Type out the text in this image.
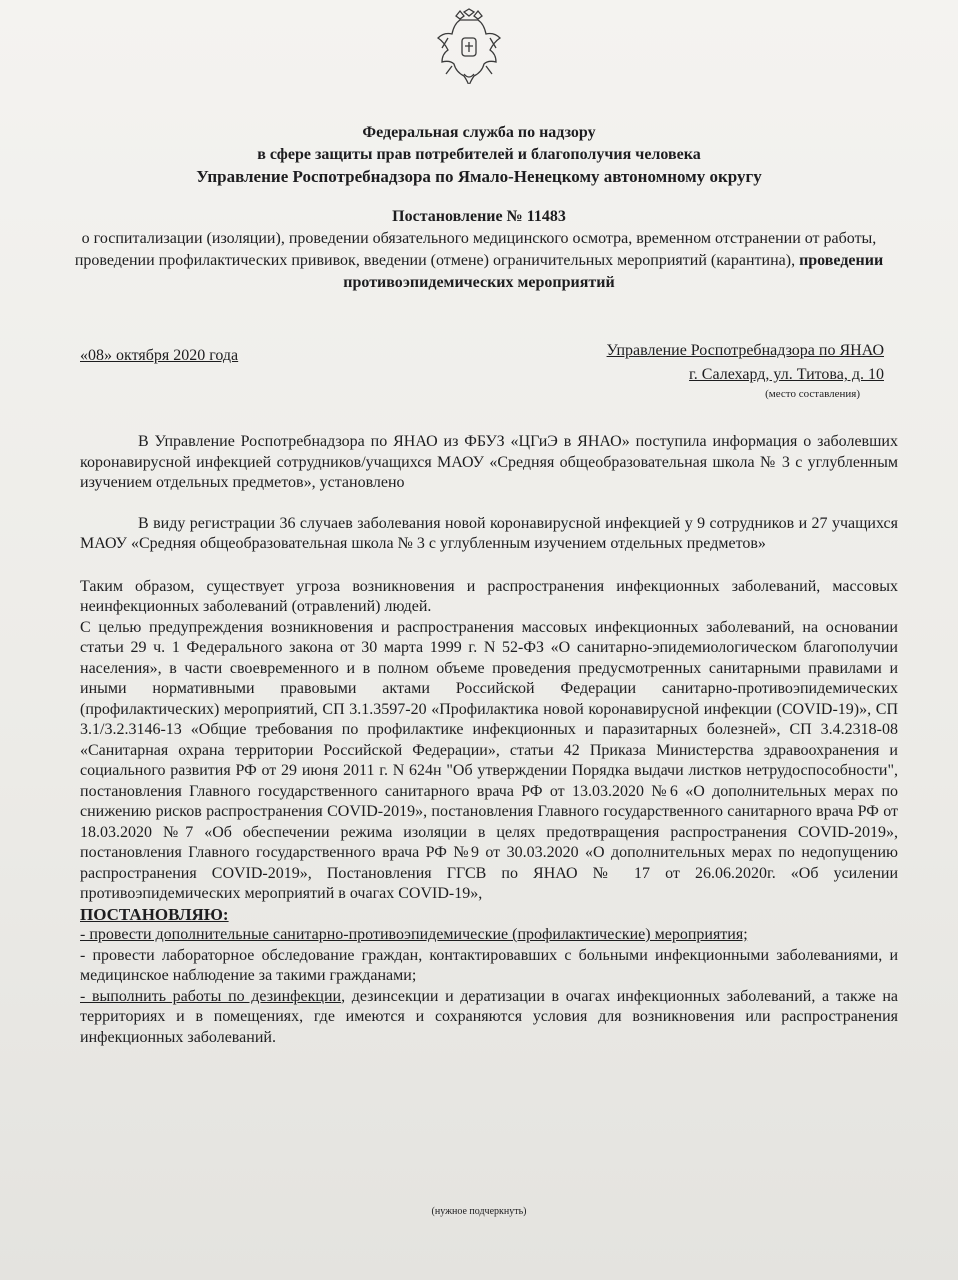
Федеральная служба по надзору
в сфере защиты прав потребителей и благополучия человека
Управление Роспотребнадзора по Ямало-Ненецкому автономному округу
Постановление № 11483
о госпитализации (изоляции), проведении обязательного медицинского осмотра, временном отстранении от работы, проведении профилактических прививок, введении (отмене) ограничительных мероприятий (карантина), проведении противоэпидемических мероприятий
«08» октября 2020 года	Управление Роспотребнадзора по ЯНАО
г. Салехард, ул. Титова, д. 10
(место составления)

В Управление Роспотребнадзора по ЯНАО из ФБУЗ «ЦГиЭ в ЯНАО» поступила информация о заболевших коронавирусной инфекцией сотрудников/учащихся МАОУ «Средняя общеобразовательная школа № 3 с углубленным изучением отдельных предметов», установлено

В виду регистрации 36 случаев заболевания новой коронавирусной инфекцией у 9 сотрудников и 27 учащихся МАОУ «Средняя общеобразовательная школа № 3 с углубленным изучением отдельных предметов»

Таким образом, существует угроза возникновения и распространения инфекционных заболеваний, массовых неинфекционных заболеваний (отравлений) людей.

С целью предупреждения возникновения и распространения массовых инфекционных заболеваний, на основании статьи 29 ч. 1 Федерального закона от 30 марта 1999 г. N 52-ФЗ «О санитарно-эпидемиологическом благополучии населения», в части своевременного и в полном объеме проведения предусмотренных санитарными правилами и иными нормативными правовыми актами Российской Федерации санитарно-противоэпидемических (профилактических) мероприятий, СП 3.1.3597-20 «Профилактика новой коронавирусной инфекции (COVID-19)», СП 3.1/3.2.3146-13 «Общие требования по профилактике инфекционных и паразитарных болезней», СП 3.4.2318-08 «Санитарная охрана территории Российской Федерации», статьи 42 Приказа Министерства здравоохранения и социального развития РФ от 29 июня 2011 г. N 624н "Об утверждении Порядка выдачи листков нетрудоспособности", постановления Главного государственного санитарного врача РФ от 13.03.2020 №6 «О дополнительных мерах по снижению рисков распространения COVID-2019», постановления Главного государственного санитарного врача РФ от 18.03.2020 №7 «Об обеспечении режима изоляции в целях предотвращения распространения COVID-2019», постановления Главного государственного врача РФ №9 от 30.03.2020 «О дополнительных мерах по недопущению распространения COVID-2019», Постановления ГГСВ по ЯНАО № 17 от 26.06.2020г. «Об усилении противоэпидемических мероприятий в очагах COVID-19»,

ПОСТАНОВЛЯЮ:

- провести дополнительные санитарно-противоэпидемические (профилактические) мероприятия;

- провести лабораторное обследование граждан, контактировавших с больными инфекционными заболеваниями, и медицинское наблюдение за такими гражданами;

- выполнить работы по дезинфекции, дезинсекции и дератизации в очагах инфекционных заболеваний, а также на территориях и в помещениях, где имеются и сохраняются условия для возникновения или распространения инфекционных заболеваний.

(нужное подчеркнуть)
